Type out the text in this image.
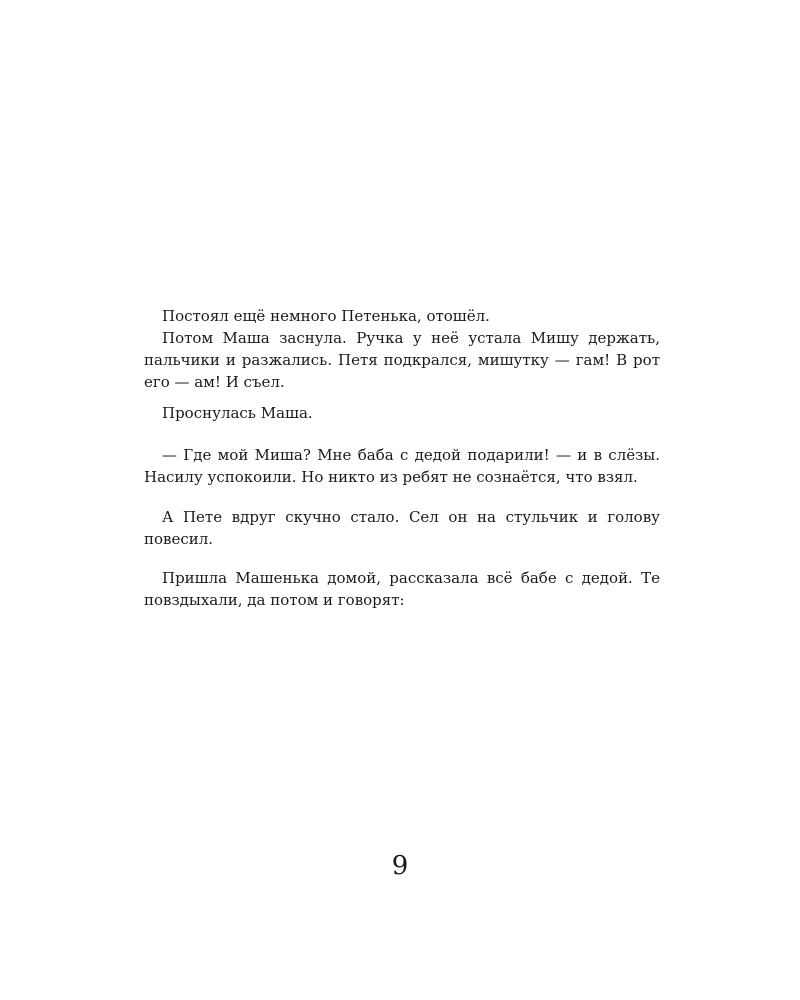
Постоял ещё немного Петенька, отошёл.

Потом Маша заснула. Ручка у неё устала Мишу держать, пальчики и разжались. Петя подкрался, мишутку — гам! В рот его — ам! И съел.

Проснулась Маша.

— Где мой Миша? Мне баба с дедой подарили! — и в слёзы. Насилу успокоили. Но никто из ребят не сознаётся, что взял.

А Пете вдруг скучно стало. Сел он на стульчик и голову повесил.

Пришла Машенька домой, рассказала всё бабе с дедой. Те повздыхали, да потом и говорят:

9
